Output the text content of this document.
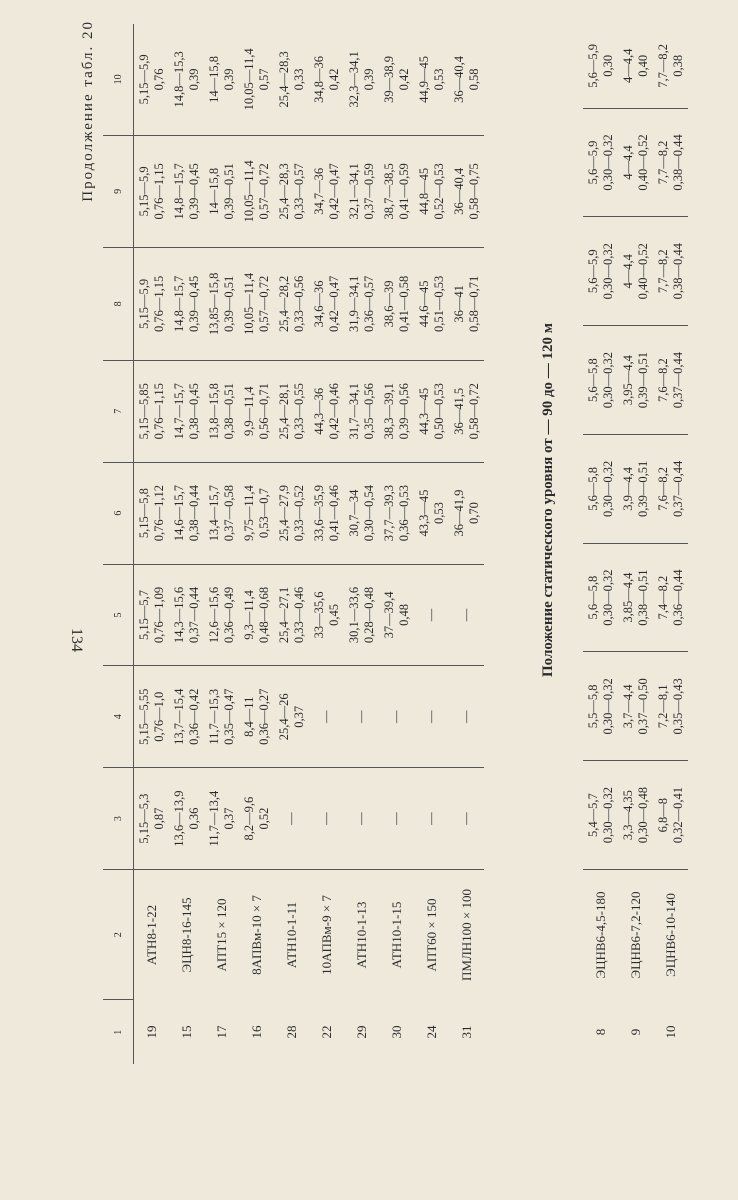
Продолжение табл. 20
1	2	3	4	5	6	7	8	9	10
19	АТН8-1-22	5,15—5,3 0,87	5,15—5,55 0,76—1,0	5,15—5,7 0,76—1,09	5,15—5,8 0,76—1,12	5,15—5,85 0,76—1,15	5,15—5,9 0,76—1,15	5,15—5,9 0,76—1,15	5,15—5,9 0,76

15	ЭЦН8-16-145	13,6—13,9 0,36	13,7—15,4 0,36—0,42	14,3—15,6 0,37—0,44	14,6—15,7 0,38—0,44	14,7—15,7 0,38—0,45	14,8—15,7 0,39—0,45	14,8—15,7 0,39—0,45	14,8—15,3 0,39

17	АПТ15 × 120	11,7—13,4 0,37	11,7—15,3 0,35—0,47	12,6—15,6 0,36—0,49	13,4—15,7 0,37—0,58	13,8—15,8 0,38—0,51	13,85—15,8 0,39—0,51	14—15,8 0,39—0,51	14—15,8 0,39

16	8АПВм-10 × 7	8,2—9,6 0,52	8,4—11 0,36—0,27	9,3—11,4 0,48—0,68	9,75—11,4 0,53—0,7	9,9—11,4 0,56—0,71	10,05—11,4 0,57—0,72	10,05—11,4 0,57—0,72	10,05—11,4 0,57

28	АТН10-1-11	—	25,4—26 0,37	25,4—27,1 0,33—0,46	25,4—27,9 0,33—0,52	25,4—28,1 0,33—0,55	25,4—28,2 0,33—0,56	25,4—28,3 0,33—0,57	25,4—28,3 0,33

22	10АПВм-9 × 7	—	—	33—35,6 0,45	33,6—35,9 0,41—0,46	44,3—36 0,42—0,46	34,6—36 0,42—0,47	34,7—36 0,42—0,47	34,8—36 0,42

29	АТН10-1-13	—	—	30,1—33,6 0,28—0,48	30,7—34 0,30—0,54	31,7—34,1 0,35—0,56	31,9—34,1 0,36—0,57	32,1—34,1 0,37—0,59	32,3—34,1 0,39

30	АТН10-1-15	—	—	37—39,4 0,48	37,7—39,3 0,36—0,53	38,3—39,1 0,39—0,56	38,6—39 0,41—0,58	38,7—38,5 0,41—0,59	39—38,9 0,42

24	АПТ60 × 150	—	—	—	43,3—45 0,53	44,3—45 0,50—0,53	44,6—45 0,51—0,53	44,8—45 0,52—0,53	44,9—45 0,53

31	ПМЛН100 × 100	—	—	—	36—41,9 0,70	36—41,5 0,58—0,72	36—41 0,58—0,71	36—40,4 0,58—0,75	36—40,4 0,58
Положение статического уровня от — 90 до — 120 м
8	ЭЦНВ6-4,5-180	5,4—5,7 0,30—0,32	5,5—5,8 0,30—0,32	5,6—5,8 0,30—0,32	5,6—5,8 0,30—0,32	5,6—5,8 0,30—0,32	5,6—5,9 0,30—0,32	5,6—5,9 0,30—0,32	5,6—5,9 0,30

9	ЭЦНВ6-7,2-120	3,3—4,35 0,30—0,48	3,7—4,4 0,37—0,50	3,85—4,4 0,38—0,51	3,9—4,4 0,39—0,51	3,95—4,4 0,39—0,51	4—4,4 0,40—0,52	4—4,4 0,40—0,52	4—4,4 0,40

10	ЭЦНВ6-10-140	6,8—8 0,32—0,41	7,2—8,1 0,35—0,43	7,4—8,2 0,36—0,44	7,6—8,2 0,37—0,44	7,6—8,2 0,37—0,44	7,7—8,2 0,38—0,44	7,7—8,2 0,38—0,44	7,7—8,2 0,38
134
